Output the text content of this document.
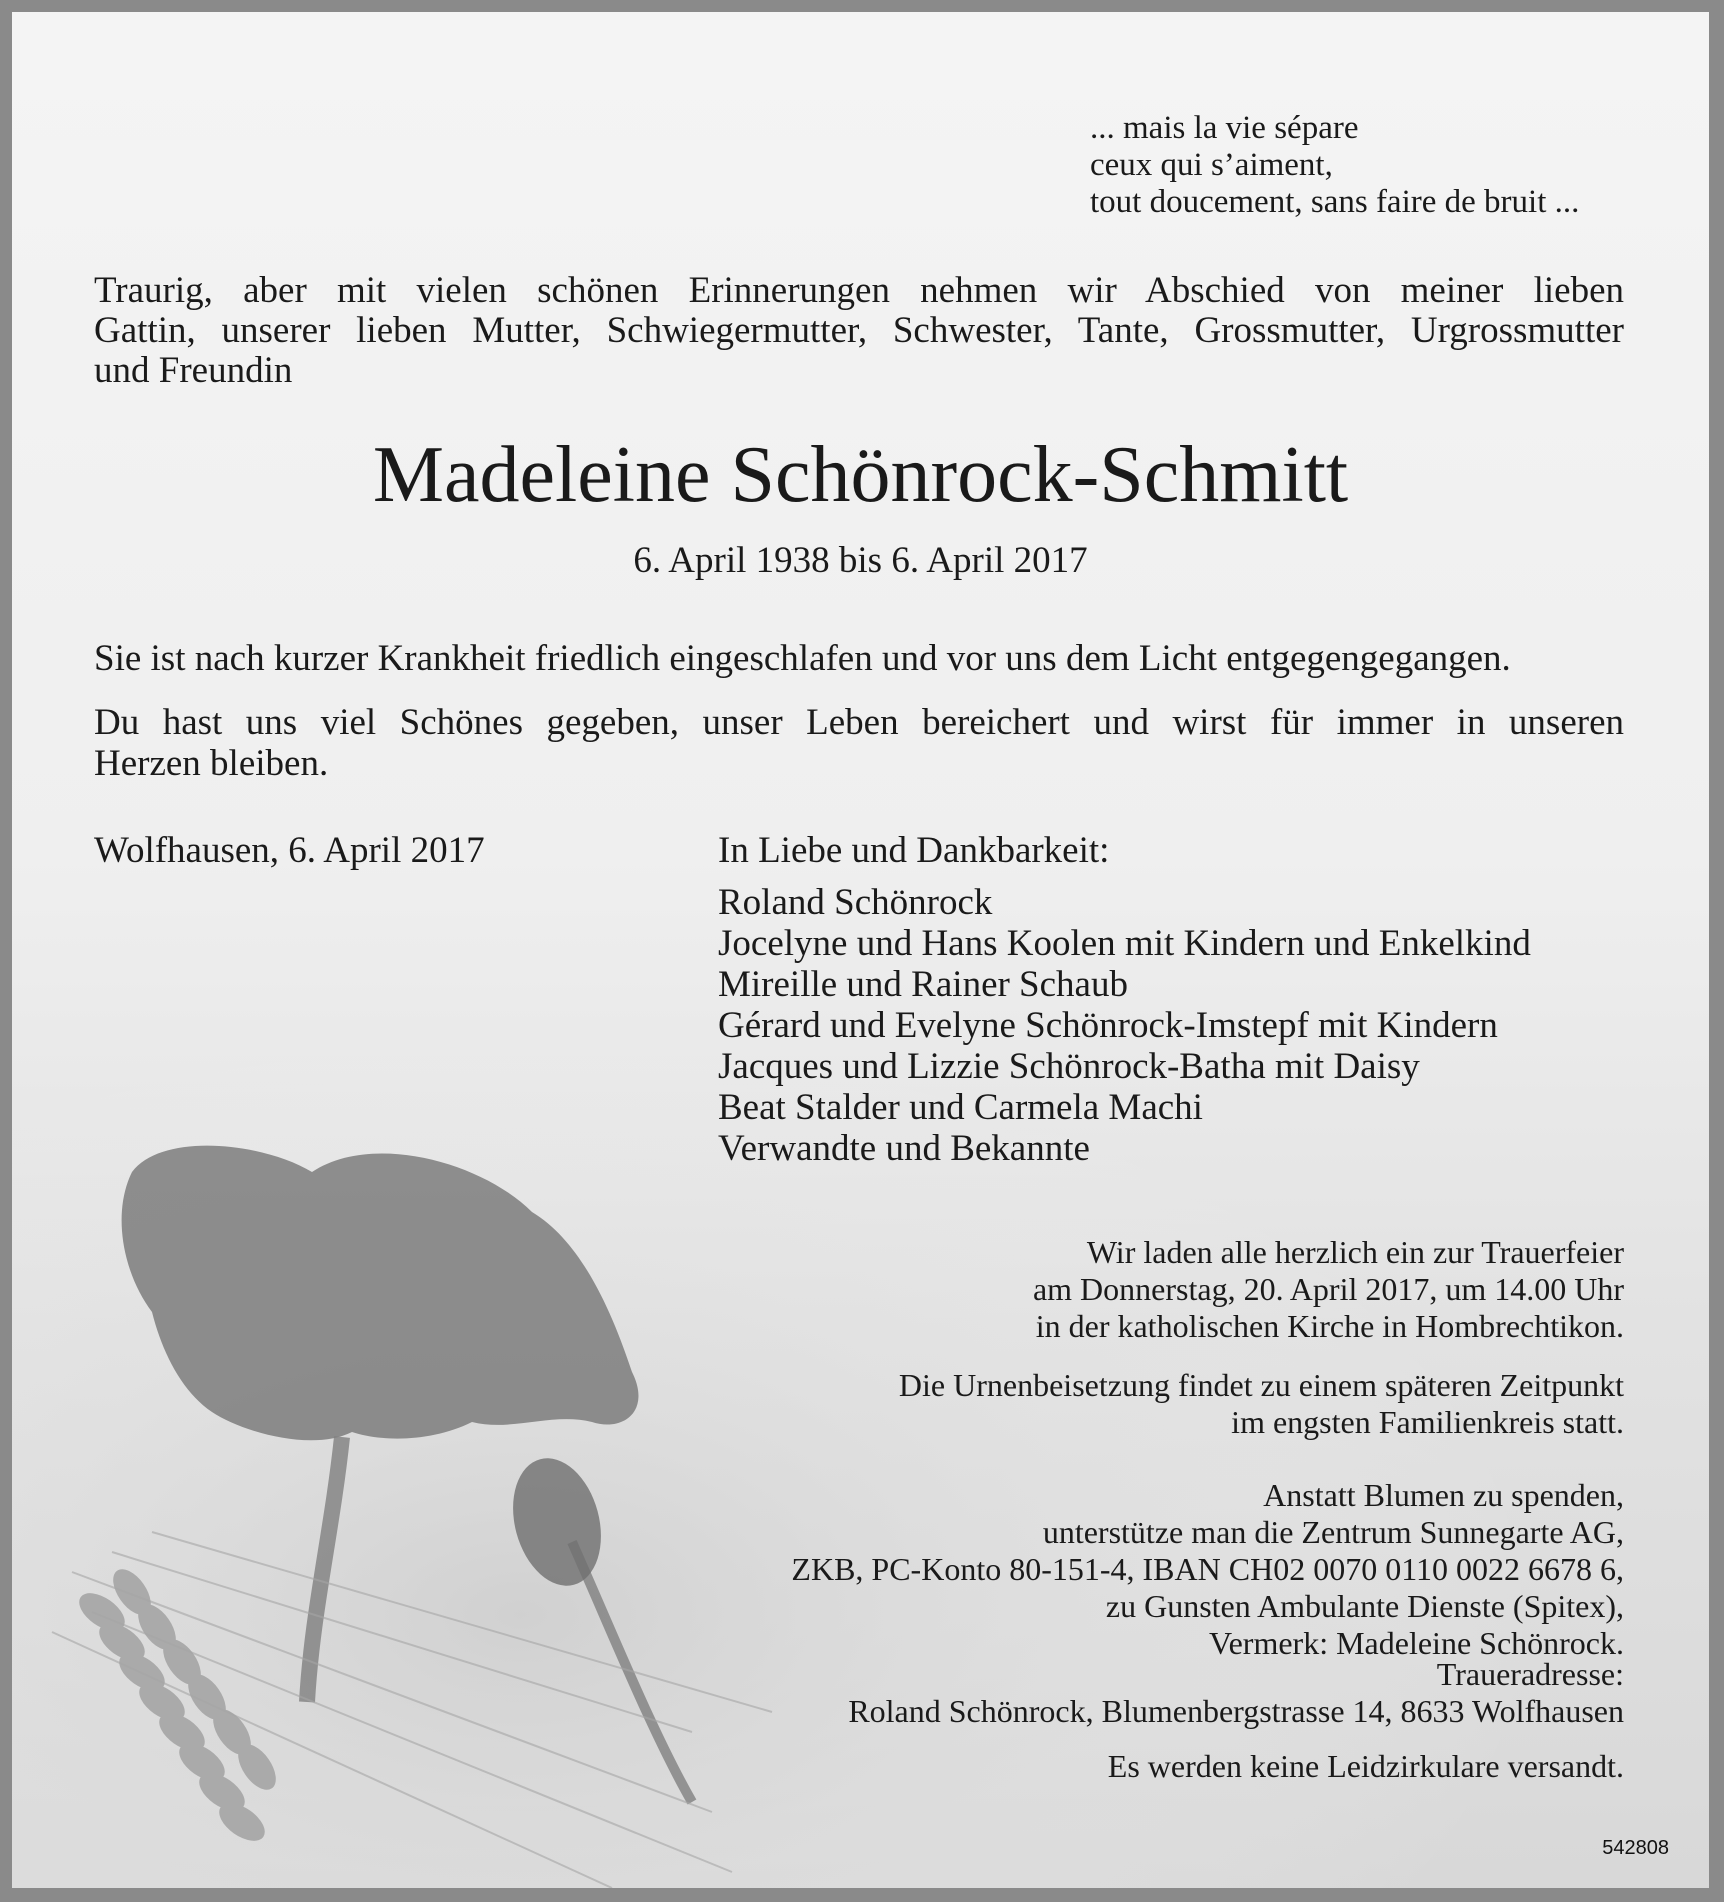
... mais la vie sépare
ceux qui s’aiment,
tout doucement, sans faire de bruit ...
Traurig, aber mit vielen schönen Erinnerungen nehmen wir Abschied von meiner lieben
Gattin, unserer lieben Mutter, Schwiegermutter, Schwester, Tante, Grossmutter, Urgrossmutter
und Freundin
Madeleine Schönrock-Schmitt
6. April 1938 bis 6. April 2017
Sie ist nach kurzer Krankheit friedlich eingeschlafen und vor uns dem Licht entgegengegangen.
Du hast uns viel Schönes gegeben, unser Leben bereichert und wirst für immer in unseren
Herzen bleiben.
Wolfhausen, 6. April 2017	In Liebe und Dankbarkeit:
Roland Schönrock
Jocelyne und Hans Koolen mit Kindern und Enkelkind
Mireille und Rainer Schaub
Gérard und Evelyne Schönrock-Imstepf mit Kindern
Jacques und Lizzie Schönrock-Batha mit Daisy
Beat Stalder und Carmela Machi
Verwandte und Bekannte
Wir laden alle herzlich ein zur Trauerfeier
am Donnerstag, 20. April 2017, um 14.00 Uhr
in der katholischen Kirche in Hombrechtikon.
Die Urnenbeisetzung findet zu einem späteren Zeitpunkt
im engsten Familienkreis statt.
Anstatt Blumen zu spenden,
unterstütze man die Zentrum Sunnegarte AG,
ZKB, PC-Konto 80-151-4, IBAN CH02 0070 0110 0022 6678 6,
zu Gunsten Ambulante Dienste (Spitex),
Vermerk: Madeleine Schönrock.
Traueradresse:
Roland Schönrock, Blumenbergstrasse 14, 8633 Wolfhausen
Es werden keine Leidzirkulare versandt.
542808
